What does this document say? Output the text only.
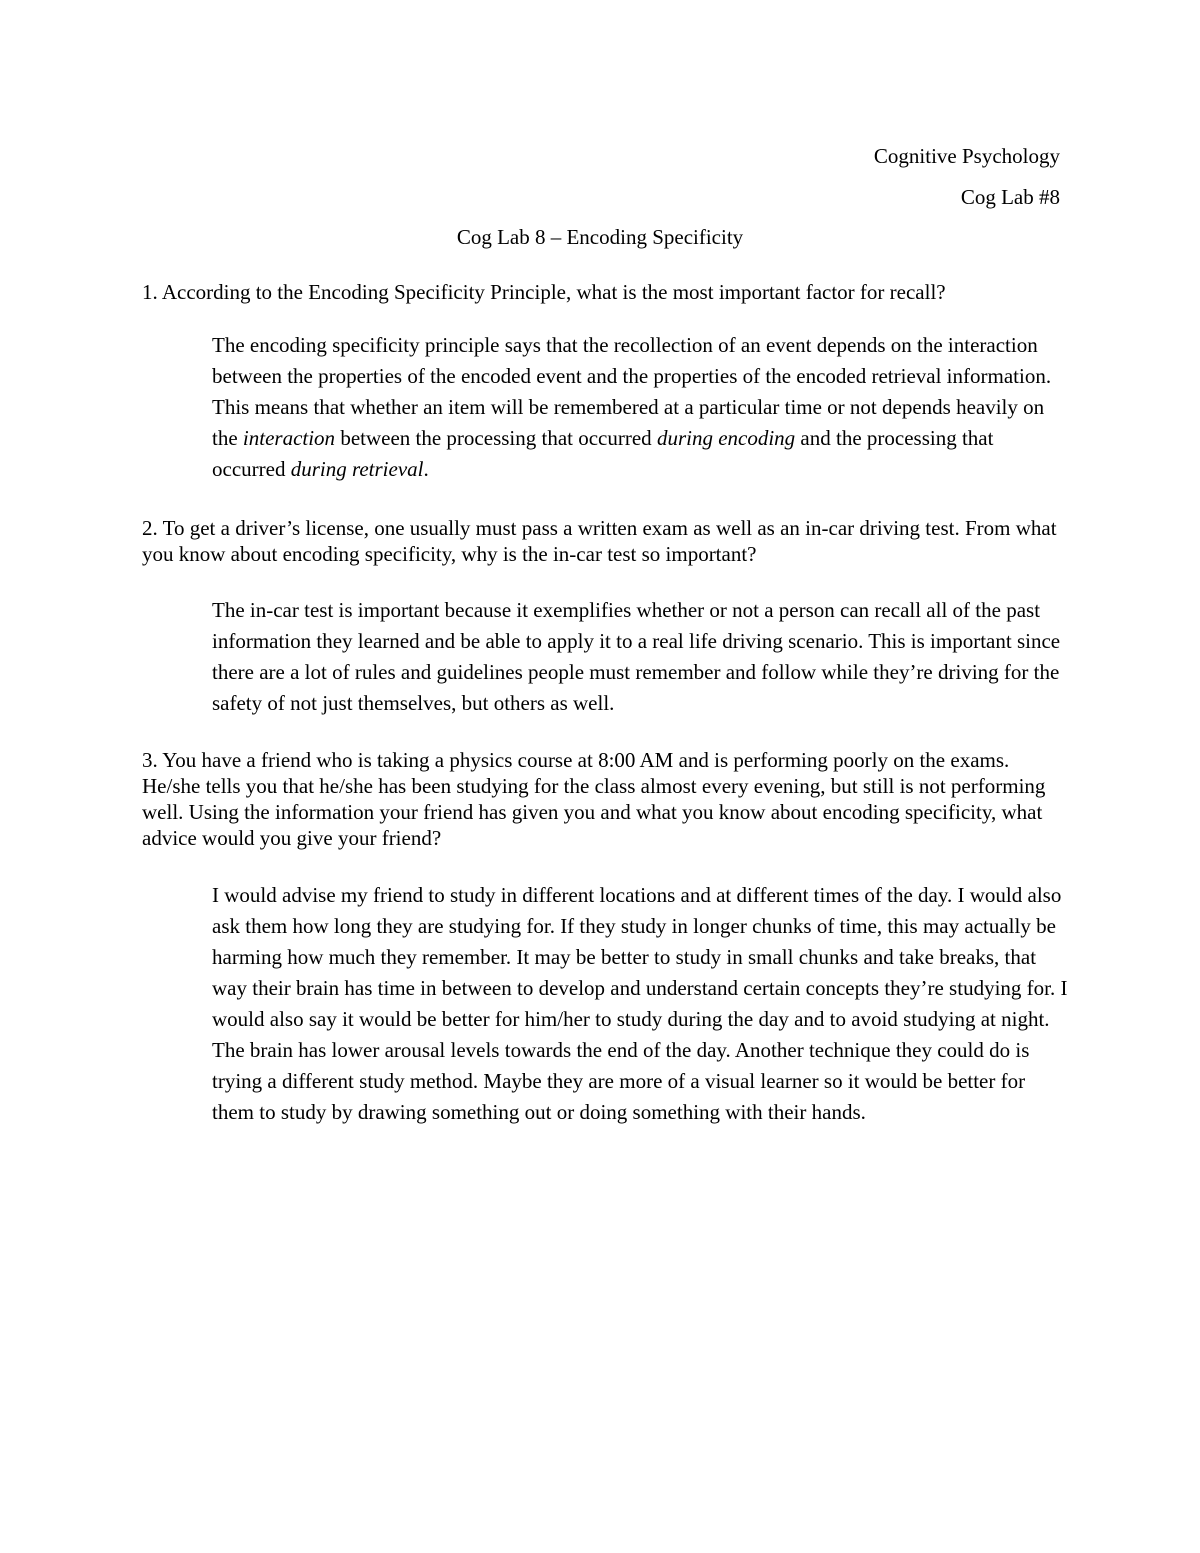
Cognitive Psychology
Cog Lab #8
Cog Lab 8 – Encoding Specificity

1. According to the Encoding Specificity Principle, what is the most important factor for recall?

The encoding specificity principle says that the recollection of an event depends on the interaction between the properties of the encoded event and the properties of the encoded retrieval information. This means that whether an item will be remembered at a particular time or not depends heavily on the interaction between the processing that occurred during encoding and the processing that occurred during retrieval.

2. To get a driver’s license, one usually must pass a written exam as well as an in-car driving test. From what you know about encoding specificity, why is the in-car test so important?

The in-car test is important because it exemplifies whether or not a person can recall all of the past information they learned and be able to apply it to a real life driving scenario. This is important since there are a lot of rules and guidelines people must remember and follow while they’re driving for the safety of not just themselves, but others as well.

3. You have a friend who is taking a physics course at 8:00 AM and is performing poorly on the exams. He/she tells you that he/she has been studying for the class almost every evening, but still is not performing well. Using the information your friend has given you and what you know about encoding specificity, what advice would you give your friend?

I would advise my friend to study in different locations and at different times of the day. I would also ask them how long they are studying for. If they study in longer chunks of time, this may actually be harming how much they remember. It may be better to study in small chunks and take breaks, that way their brain has time in between to develop and understand certain concepts they’re studying for. I would also say it would be better for him/her to study during the day and to avoid studying at night. The brain has lower arousal levels towards the end of the day. Another technique they could do is trying a different study method. Maybe they are more of a visual learner so it would be better for them to study by drawing something out or doing something with their hands.
